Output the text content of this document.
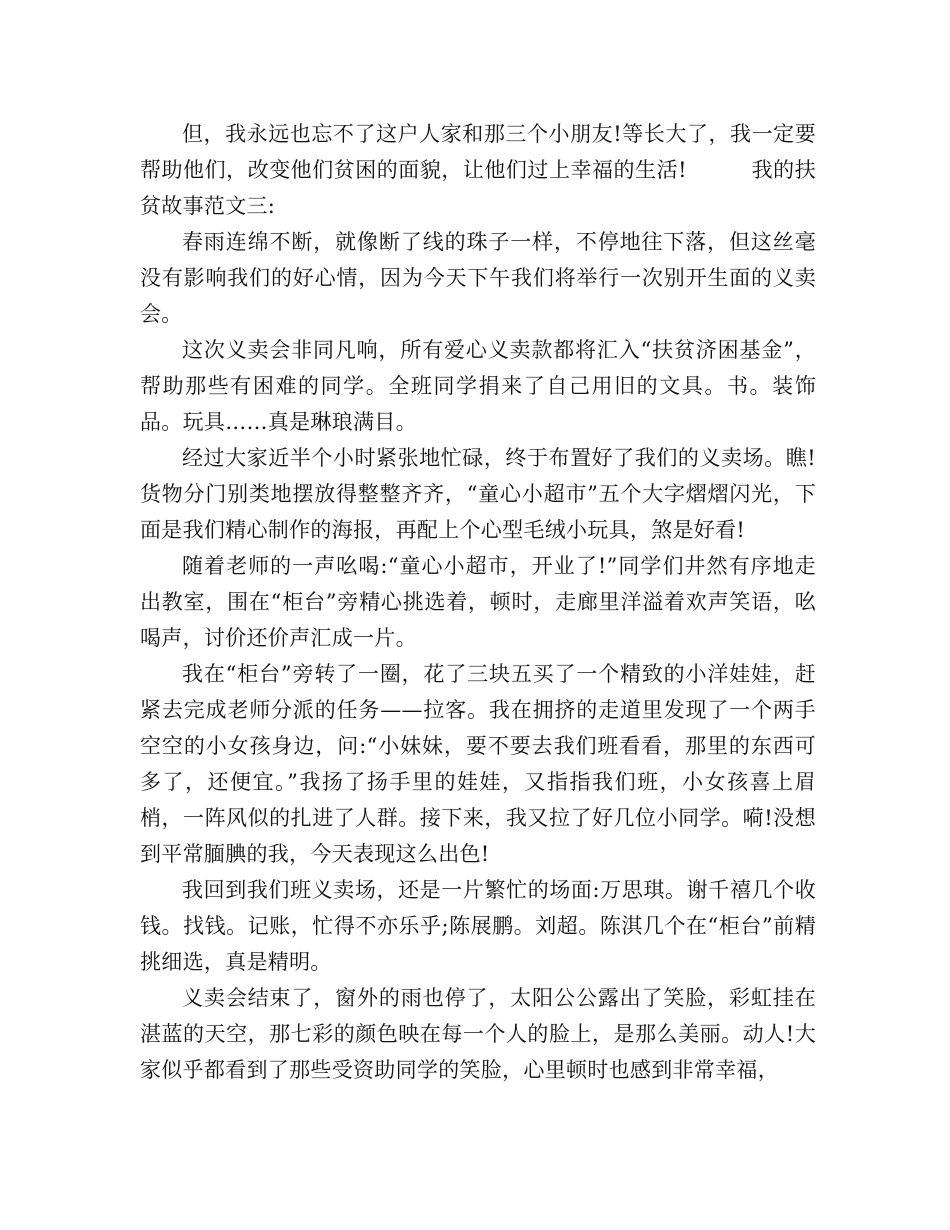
但，我永远也忘不了这户人家和那三个小朋友!等长大了，我一定要帮助他们，改变他们贫困的面貌，让他们过上幸福的生活!　　　我的扶贫故事范文三:

春雨连绵不断，就像断了线的珠子一样，不停地往下落，但这丝毫没有影响我们的好心情，因为今天下午我们将举行一次别开生面的义卖会。

这次义卖会非同凡响，所有爱心义卖款都将汇入“扶贫济困基金”，帮助那些有困难的同学。全班同学捐来了自己用旧的文具。书。装饰品。玩具……真是琳琅满目。

经过大家近半个小时紧张地忙碌，终于布置好了我们的义卖场。瞧!货物分门别类地摆放得整整齐齐，“童心小超市”五个大字熠熠闪光，下面是我们精心制作的海报，再配上个心型毛绒小玩具，煞是好看!

随着老师的一声吆喝:“童心小超市，开业了!”同学们井然有序地走出教室，围在“柜台”旁精心挑选着，顿时，走廊里洋溢着欢声笑语，吆喝声，讨价还价声汇成一片。

我在“柜台”旁转了一圈，花了三块五买了一个精致的小洋娃娃，赶紧去完成老师分派的任务——拉客。我在拥挤的走道里发现了一个两手空空的小女孩身边，问:“小妹妹，要不要去我们班看看，那里的东西可多了，还便宜。”我扬了扬手里的娃娃，又指指我们班，小女孩喜上眉梢，一阵风似的扎进了人群。接下来，我又拉了好几位小同学。嗬!没想到平常腼腆的我，今天表现这么出色!

我回到我们班义卖场，还是一片繁忙的场面:万思琪。谢千禧几个收钱。找钱。记账，忙得不亦乐乎;陈展鹏。刘超。陈淇几个在“柜台”前精挑细选，真是精明。

义卖会结束了，窗外的雨也停了，太阳公公露出了笑脸，彩虹挂在湛蓝的天空，那七彩的颜色映在每一个人的脸上，是那么美丽。动人!大家似乎都看到了那些受资助同学的笑脸，心里顿时也感到非常幸福，
